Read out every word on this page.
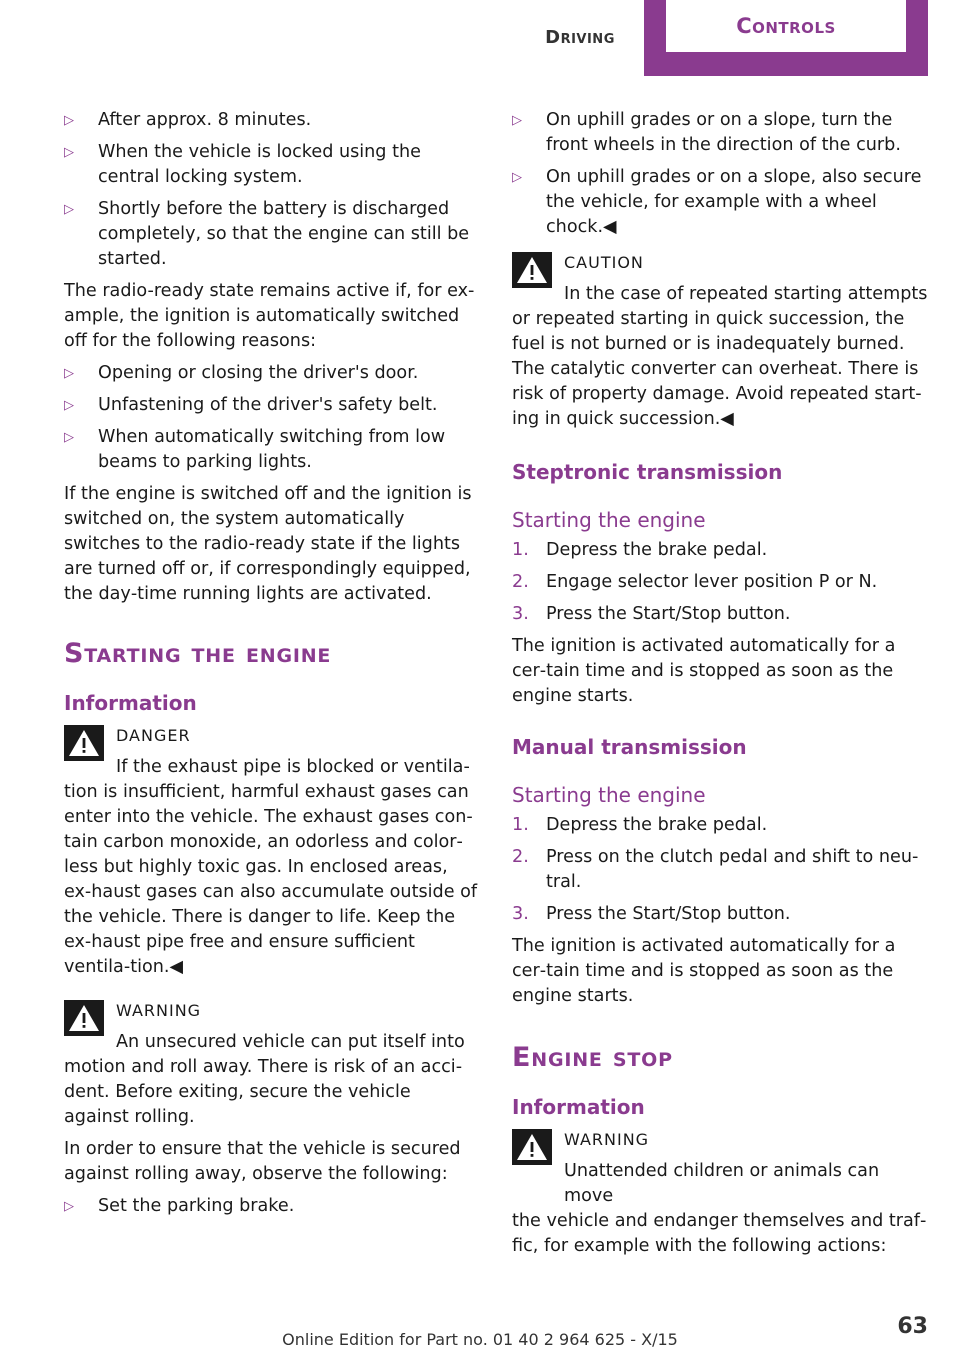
Driving	Controls
▷ After approx. 8 minutes.
▷ When the vehicle is locked using the central locking system.
▷ Shortly before the battery is discharged completely, so that the engine can still be started.

The radio-ready state remains active if, for ex‐ample, the ignition is automatically switched off for the following reasons:

▷ Opening or closing the driver's door.
▷ Unfastening of the driver's safety belt.
▷ When automatically switching from low beams to parking lights.

If the engine is switched off and the ignition is switched on, the system automatically switches to the radio-ready state if the lights are turned off or, if correspondingly equipped, the day‐time running lights are activated.

Starting the engine
Information
DANGER
If the exhaust pipe is blocked or ventila‐
tion is insufficient, harmful exhaust gases can enter into the vehicle. The exhaust gases con‐tain carbon monoxide, an odorless and color‐less but highly toxic gas. In enclosed areas, ex‐haust gases can also accumulate outside of the vehicle. There is danger to life. Keep the ex‐haust pipe free and ensure sufficient ventila‐tion.◀
WARNING
An unsecured vehicle can put itself into
motion and roll away. There is risk of an acci‐dent. Before exiting, secure the vehicle against rolling.

In order to ensure that the vehicle is secured against rolling away, observe the following:

▷ Set the parking brake.
▷ On uphill grades or on a slope, turn the front wheels in the direction of the curb.
▷ On uphill grades or on a slope, also secure the vehicle, for example with a wheel chock.◀
CAUTION
In the case of repeated starting attempts
or repeated starting in quick succession, the fuel is not burned or is inadequately burned. The catalytic converter can overheat. There is risk of property damage. Avoid repeated start‐ing in quick succession.◀
Steptronic transmission
Starting the engine
1. Depress the brake pedal.
2. Engage selector lever position P or N.
3. Press the Start/Stop button.

The ignition is activated automatically for a cer‐tain time and is stopped as soon as the engine starts.

Manual transmission
Starting the engine
1. Depress the brake pedal.
2. Press on the clutch pedal and shift to neu‐tral.
3. Press the Start/Stop button.

The ignition is activated automatically for a cer‐tain time and is stopped as soon as the engine starts.

Engine stop
Information
WARNING
Unattended children or animals can move
the vehicle and endanger themselves and traf‐fic, for example with the following actions:
Online Edition for Part no. 01 40 2 964 625 - X/15
63
